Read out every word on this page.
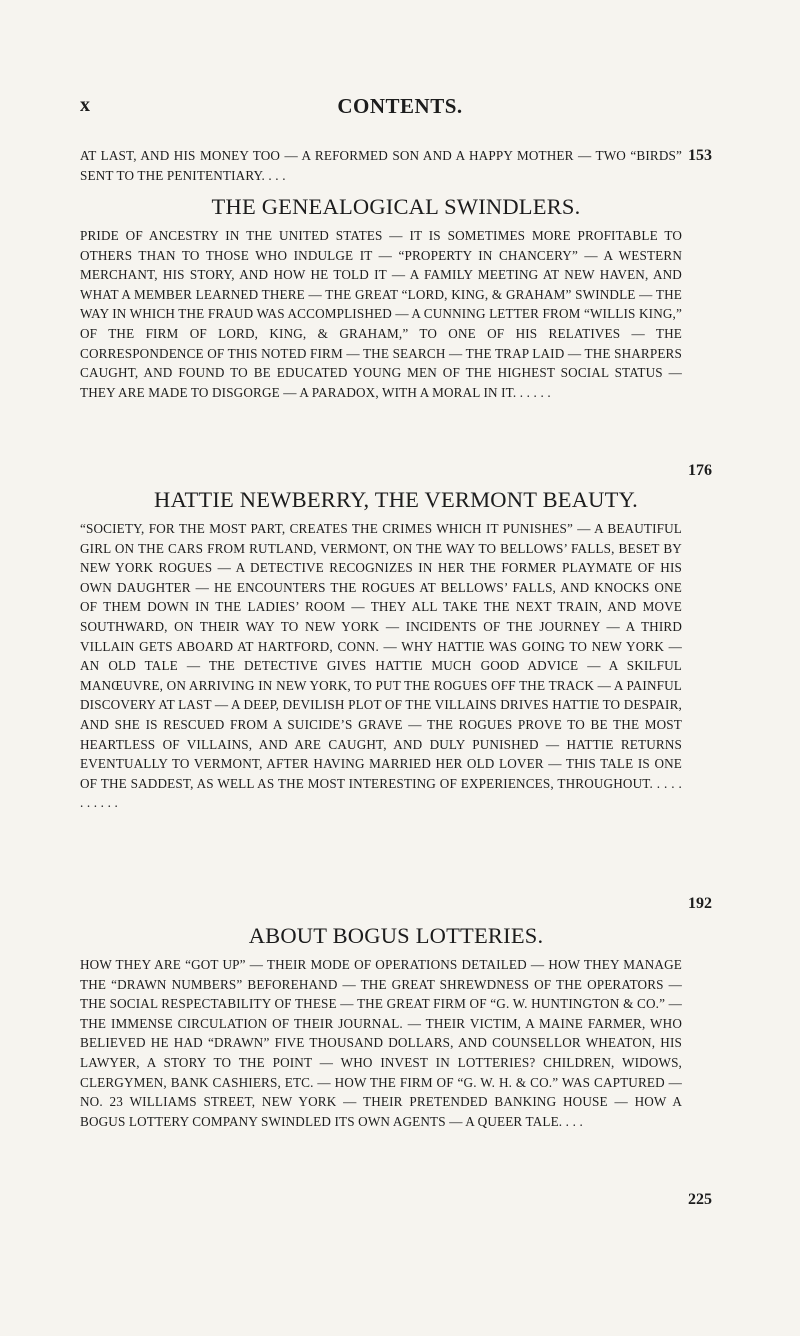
x	CONTENTS.

153
AT LAST, AND HIS MONEY TOO — A REFORMED SON AND A HAPPY MOTHER — TWO “BIRDS” SENT TO THE PENITENTIARY. . . .

THE GENEALOGICAL SWINDLERS.

176
PRIDE OF ANCESTRY IN THE UNITED STATES — IT IS SOMETIMES MORE PROFITABLE TO OTHERS THAN TO THOSE WHO INDULGE IT — “PROPERTY IN CHANCERY” — A WESTERN MERCHANT, HIS STORY, AND HOW HE TOLD IT — A FAMILY MEETING AT NEW HAVEN, AND WHAT A MEMBER LEARNED THERE — THE GREAT “LORD, KING, & GRAHAM” SWINDLE — THE WAY IN WHICH THE FRAUD WAS ACCOMPLISHED — A CUNNING LETTER FROM “WILLIS KING,” OF THE FIRM OF LORD, KING, & GRAHAM,” TO ONE OF HIS RELATIVES — THE CORRESPONDENCE OF THIS NOTED FIRM — THE SEARCH — THE TRAP LAID — THE SHARPERS CAUGHT, AND FOUND TO BE EDUCATED YOUNG MEN OF THE HIGHEST SOCIAL STATUS — THEY ARE MADE TO DISGORGE — A PARADOX, WITH A MORAL IN IT. . . . . .

HATTIE NEWBERRY, THE VERMONT BEAUTY.

192
“SOCIETY, FOR THE MOST PART, CREATES THE CRIMES WHICH IT PUNISHES” — A BEAUTIFUL GIRL ON THE CARS FROM RUTLAND, VERMONT, ON THE WAY TO BELLOWS’ FALLS, BESET BY NEW YORK ROGUES — A DETECTIVE RECOGNIZES IN HER THE FORMER PLAYMATE OF HIS OWN DAUGHTER — HE ENCOUNTERS THE ROGUES AT BELLOWS’ FALLS, AND KNOCKS ONE OF THEM DOWN IN THE LADIES’ ROOM — THEY ALL TAKE THE NEXT TRAIN, AND MOVE SOUTHWARD, ON THEIR WAY TO NEW YORK — INCIDENTS OF THE JOURNEY — A THIRD VILLAIN GETS ABOARD AT HARTFORD, CONN. — WHY HATTIE WAS GOING TO NEW YORK — AN OLD TALE — THE DETECTIVE GIVES HATTIE MUCH GOOD ADVICE — A SKILFUL MANŒUVRE, ON ARRIVING IN NEW YORK, TO PUT THE ROGUES OFF THE TRACK — A PAINFUL DISCOVERY AT LAST — A DEEP, DEVILISH PLOT OF THE VILLAINS DRIVES HATTIE TO DESPAIR, AND SHE IS RESCUED FROM A SUICIDE’S GRAVE — THE ROGUES PROVE TO BE THE MOST HEARTLESS OF VILLAINS, AND ARE CAUGHT, AND DULY PUNISHED — HATTIE RETURNS EVENTUALLY TO VERMONT, AFTER HAVING MARRIED HER OLD LOVER — THIS TALE IS ONE OF THE SADDEST, AS WELL AS THE MOST INTERESTING OF EXPERIENCES, THROUGHOUT. . . . . . . . . . .

ABOUT BOGUS LOTTERIES.

225
HOW THEY ARE “GOT UP” — THEIR MODE OF OPERATIONS DETAILED — HOW THEY MANAGE THE “DRAWN NUMBERS” BEFOREHAND — THE GREAT SHREWDNESS OF THE OPERATORS — THE SOCIAL RESPECTABILITY OF THESE — THE GREAT FIRM OF “G. W. HUNTINGTON & CO.” — THE IMMENSE CIRCULATION OF THEIR JOURNAL. — THEIR VICTIM, A MAINE FARMER, WHO BELIEVED HE HAD “DRAWN” FIVE THOUSAND DOLLARS, AND COUNSELLOR WHEATON, HIS LAWYER, A STORY TO THE POINT — WHO INVEST IN LOTTERIES? CHILDREN, WIDOWS, CLERGYMEN, BANK CASHIERS, ETC. — HOW THE FIRM OF “G. W. H. & CO.” WAS CAPTURED — NO. 23 WILLIAMS STREET, NEW YORK — THEIR PRETENDED BANKING HOUSE — HOW A BOGUS LOTTERY COMPANY SWINDLED ITS OWN AGENTS — A QUEER TALE. . . .
